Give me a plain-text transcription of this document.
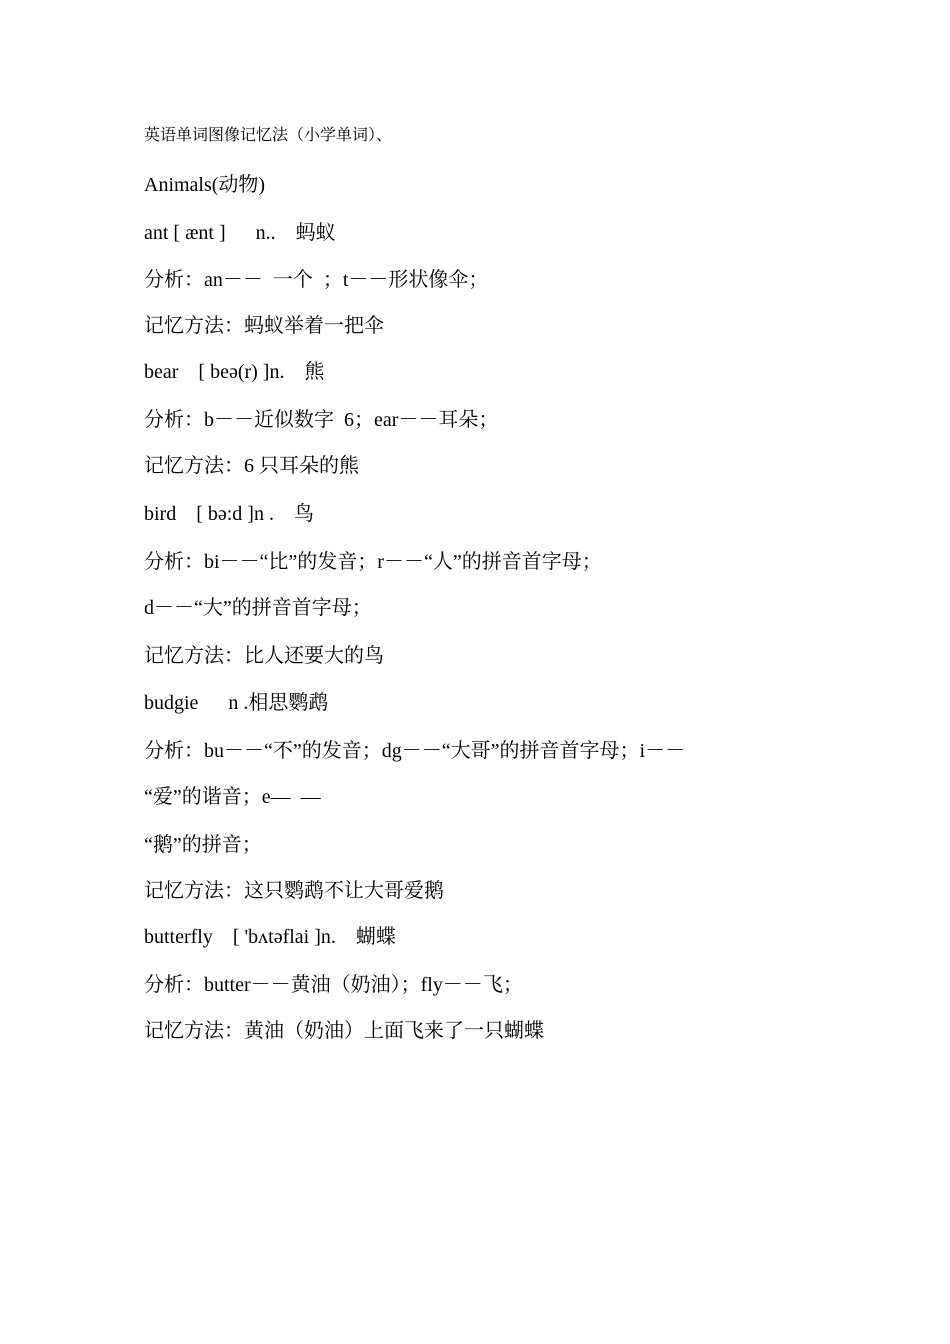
英语单词图像记忆法（小学单词）、
Animals(动物)
ant [ ænt ]      n..    蚂蚁
分析：an－－  一个  ；t－－形状像伞；
记忆方法：蚂蚁举着一把伞
bear    [ beə(r) ]n.    熊
分析：b－－近似数字  6；ear－－耳朵；
记忆方法：6 只耳朵的熊
bird    [ bə:d ]n .    鸟
分析：bi－－“比”的发音；r－－“人”的拼音首字母；
d－－“大”的拼音首字母；
记忆方法：比人还要大的鸟
budgie      n .相思鹦鹉
分析：bu－－“不”的发音；dg－－“大哥”的拼音首字母；i－－
“爱”的谐音；e—  —
“鹅”的拼音；
记忆方法：这只鹦鹉不让大哥爱鹅
butterfly    [ 'bʌtəflai ]n.    蝴蝶
分析：butter－－黄油（奶油）；fly－－飞；
记忆方法：黄油（奶油）上面飞来了一只蝴蝶
